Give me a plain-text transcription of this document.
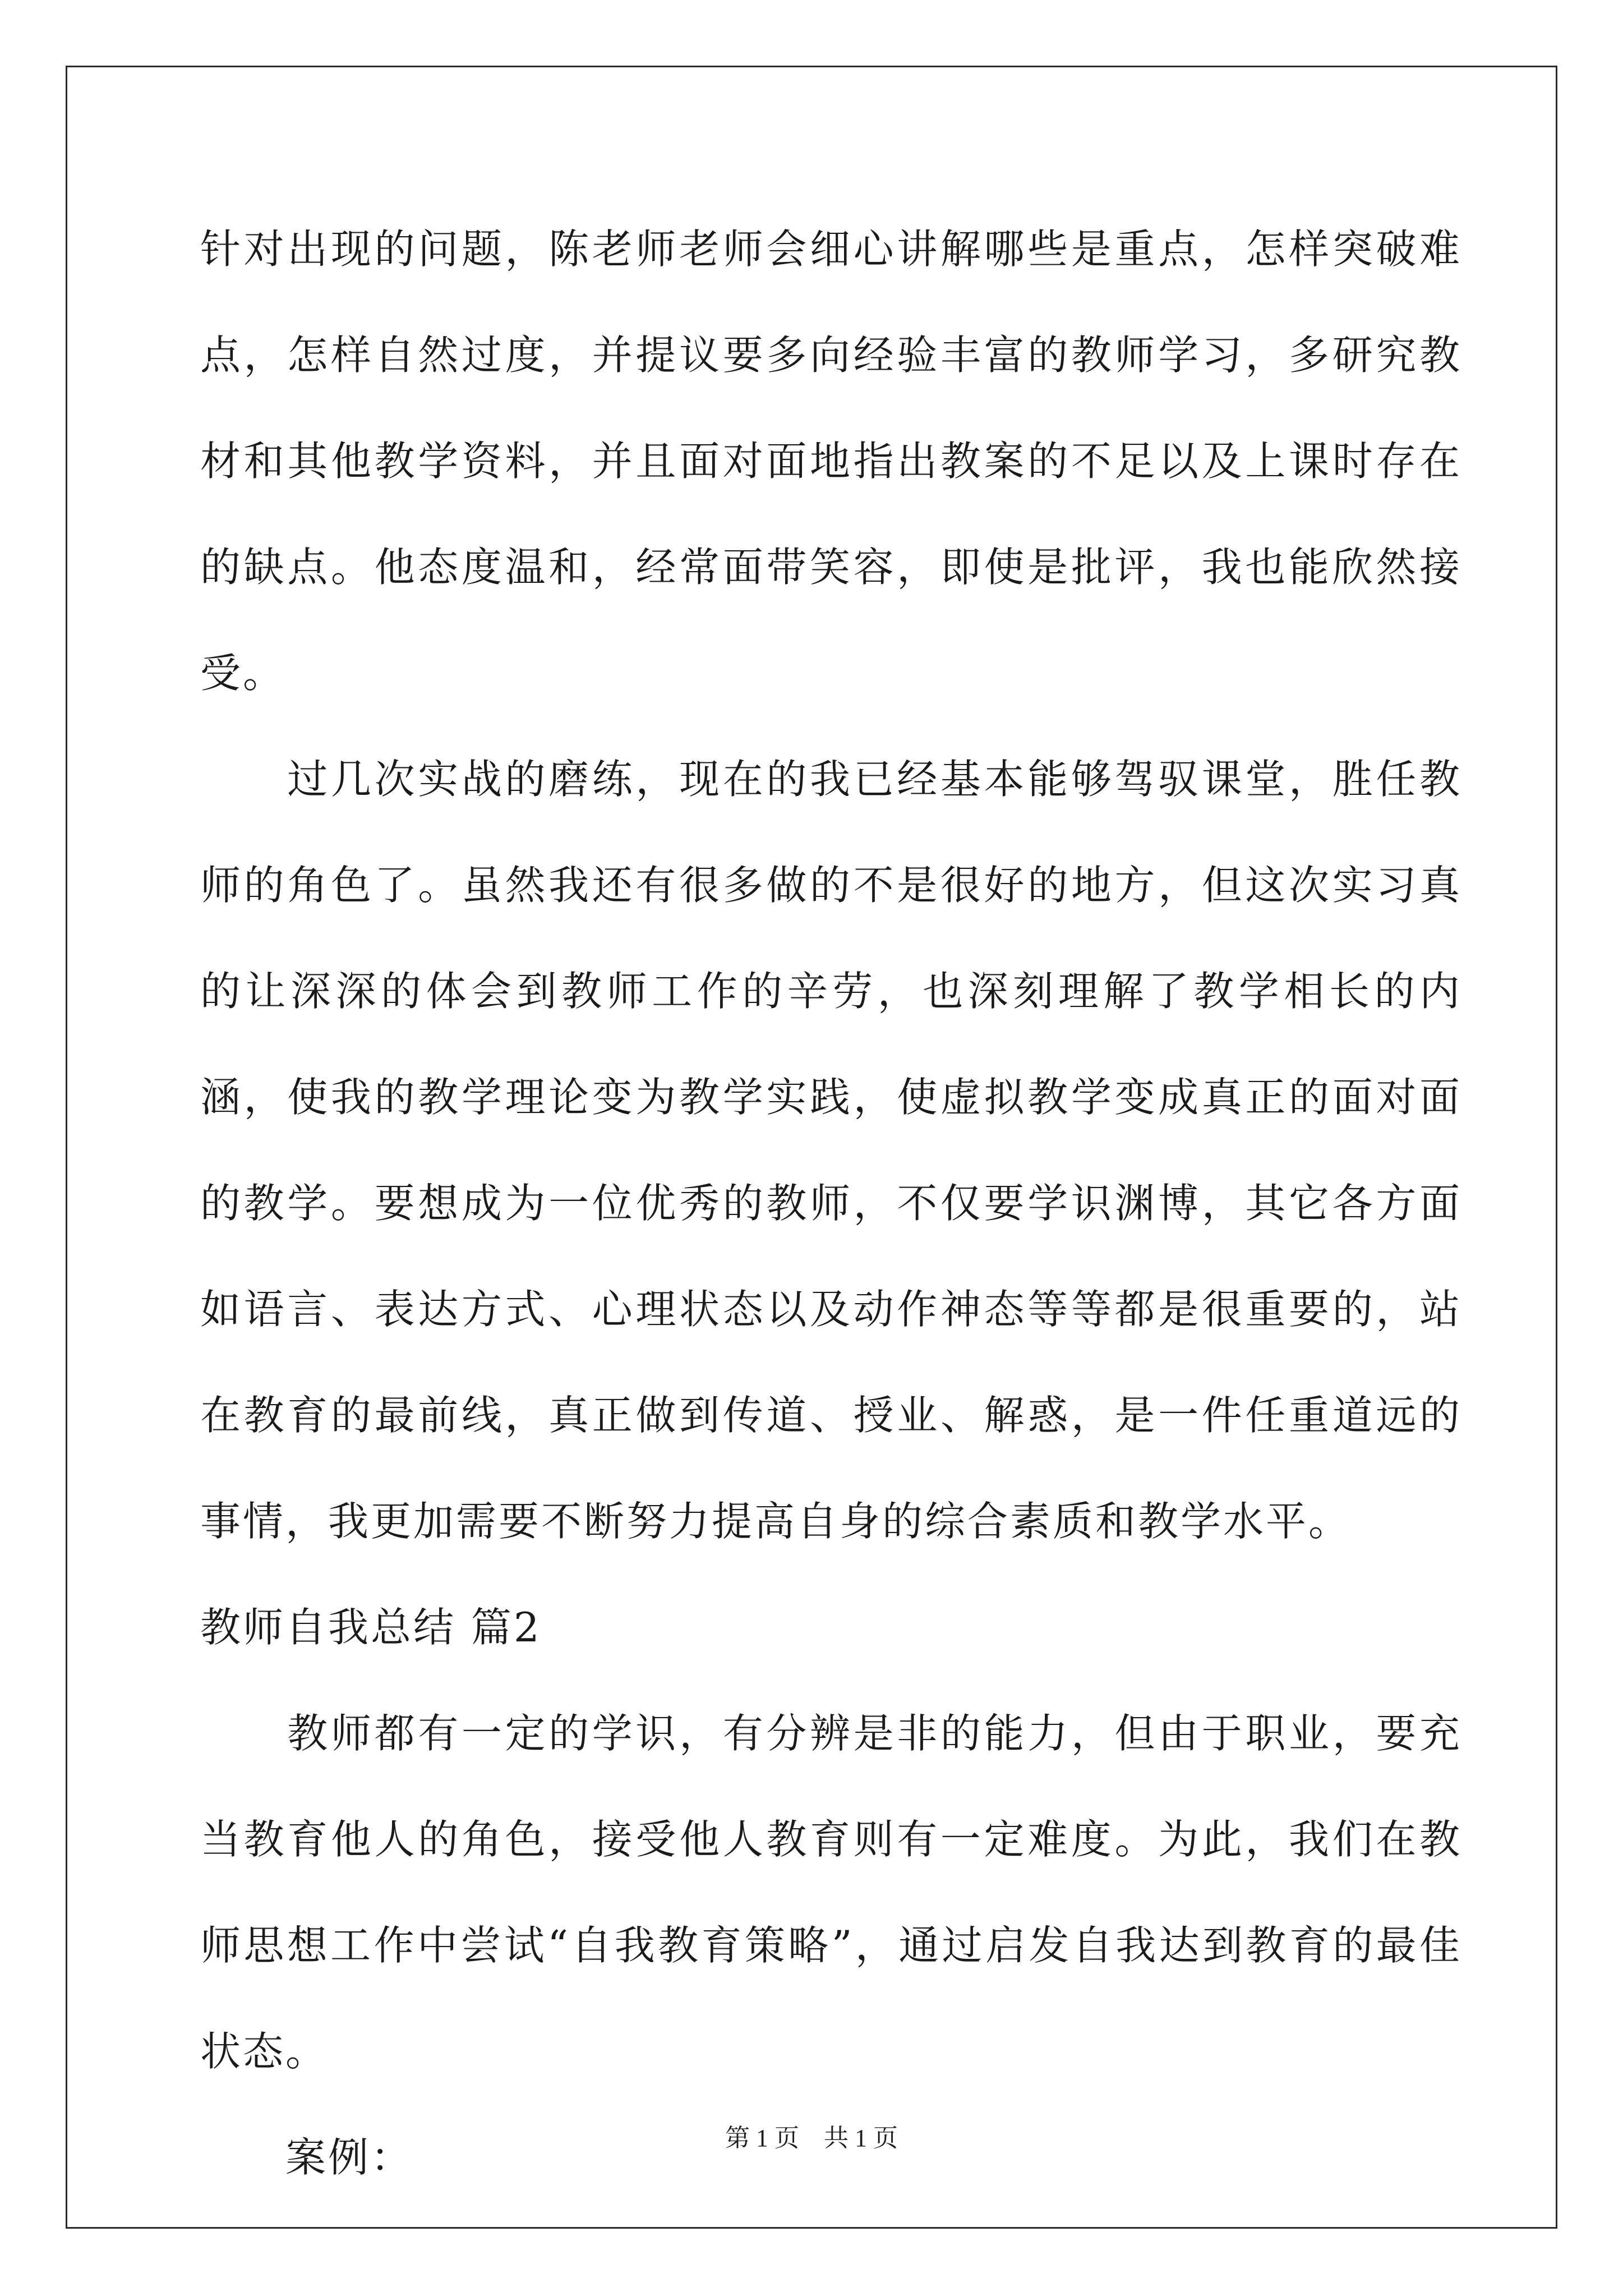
针对出现的问题，陈老师老师会细心讲解哪些是重点，怎样突破难点，怎样自然过度，并提议要多向经验丰富的教师学习，多研究教材和其他教学资料，并且面对面地指出教案的不足以及上课时存在的缺点。他态度温和，经常面带笑容，即使是批评，我也能欣然接受。

　　过几次实战的磨练，现在的我已经基本能够驾驭课堂，胜任教师的角色了。虽然我还有很多做的不是很好的地方，但这次实习真的让深深的体会到教师工作的辛劳，也深刻理解了教学相长的内涵，使我的教学理论变为教学实践，使虚拟教学变成真正的面对面的教学。要想成为一位优秀的教师，不仅要学识渊博，其它各方面如语言、表达方式、心理状态以及动作神态等等都是很重要的，站在教育的最前线，真正做到传道、授业、解惑，是一件任重道远的事情，我更加需要不断努力提高自身的综合素质和教学水平。

教师自我总结 篇2

　　教师都有一定的学识，有分辨是非的能力，但由于职业，要充当教育他人的角色，接受他人教育则有一定难度。为此，我们在教师思想工作中尝试“自我教育策略”，通过启发自我达到教育的最佳状态。

　　案例：	第 1 页　共 1 页
